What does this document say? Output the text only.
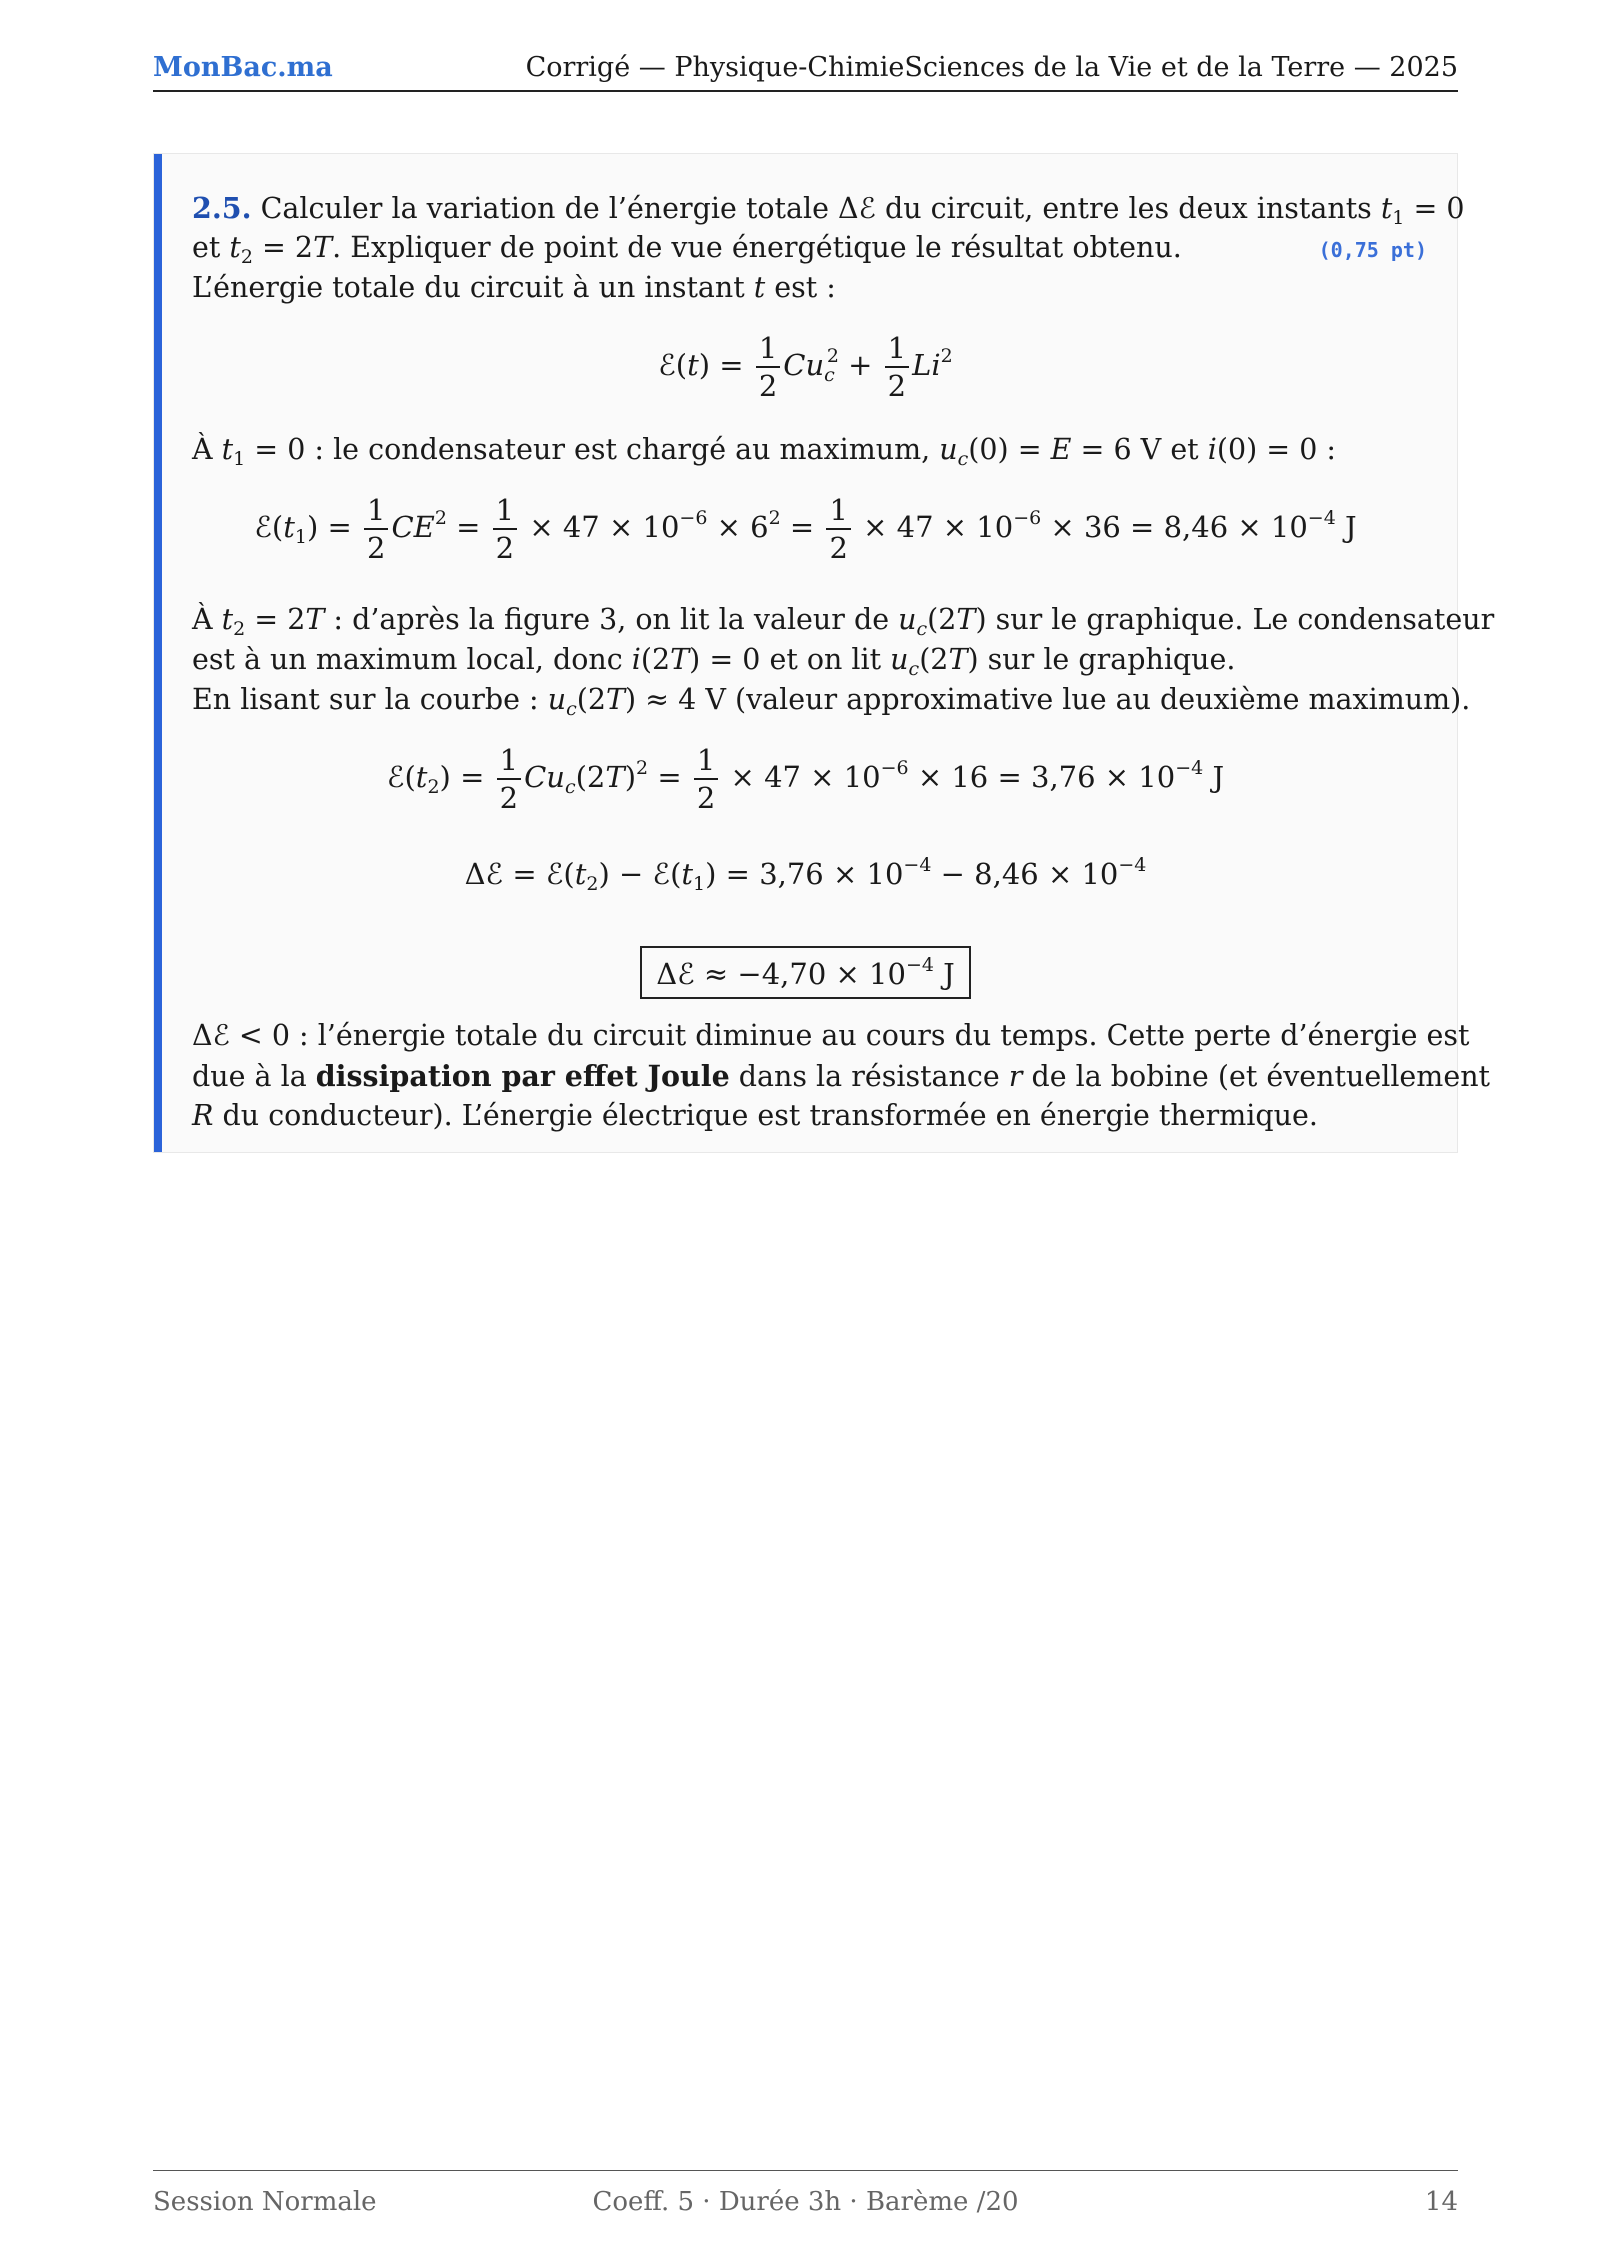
MonBac.ma	Corrigé — Physique-ChimieSciences de la Vie et de la Terre — 2025
2.5. Calculer la variation de l’énergie totale Δℰ du circuit, entre les deux instants $t_1 = 0$
et $t_2 = 2T$. Expliquer de point de vue énergétique le résultat obtenu.	(0,75 pt)
L’énergie totale du circuit à un instant t est :
ℰ(t) = $\frac{1}{2} Cu_c^2 + \frac{1}{2} Li^2$
À $t_1 = 0$ : le condensateur est chargé au maximum, $u_c(0) = E = 6$ V et i(0) = 0 :
$ℰ(t_1) = \frac{1}{2} CE^2 = \frac{1}{2} \times 47 \times 10^{-6} \times 6^2 = \frac{1}{2} \times 47 \times 10^{-6} \times 36 = 8,46 \times 10^{-4}$ J
À $t_2 = 2T$ : d’après la figure 3, on lit la valeur de $u_c(2T)$ sur le graphique. Le condensateur
est à un maximum local, donc i(2T) = 0 et on lit $u_c(2T)$ sur le graphique.
En lisant sur la courbe : $u_c(2T) \approx 4$ V (valeur approximative lue au deuxième maximum).
$ℰ(t_2) = \frac{1}{2} Cu_c(2T)^2 = \frac{1}{2} \times 47 \times 10^{-6} \times 16 = 3,76 \times 10^{-4}$ J
Δℰ = $ℰ(t_2)$ − $ℰ(t_1) = 3,76 \times 10^{-4} - 8,46 \times 10^{-4}$
Δℰ ≈ $-4,70 \times 10^{-4}$ J
Δℰ < 0 : l’énergie totale du circuit diminue au cours du temps. Cette perte d’énergie est
due à la dissipation par effet Joule dans la résistance r de la bobine (et éventuellement
R du conducteur). L’énergie électrique est transformée en énergie thermique.
Session Normale	Coeff. 5 · Durée 3h · Barème /20	14
